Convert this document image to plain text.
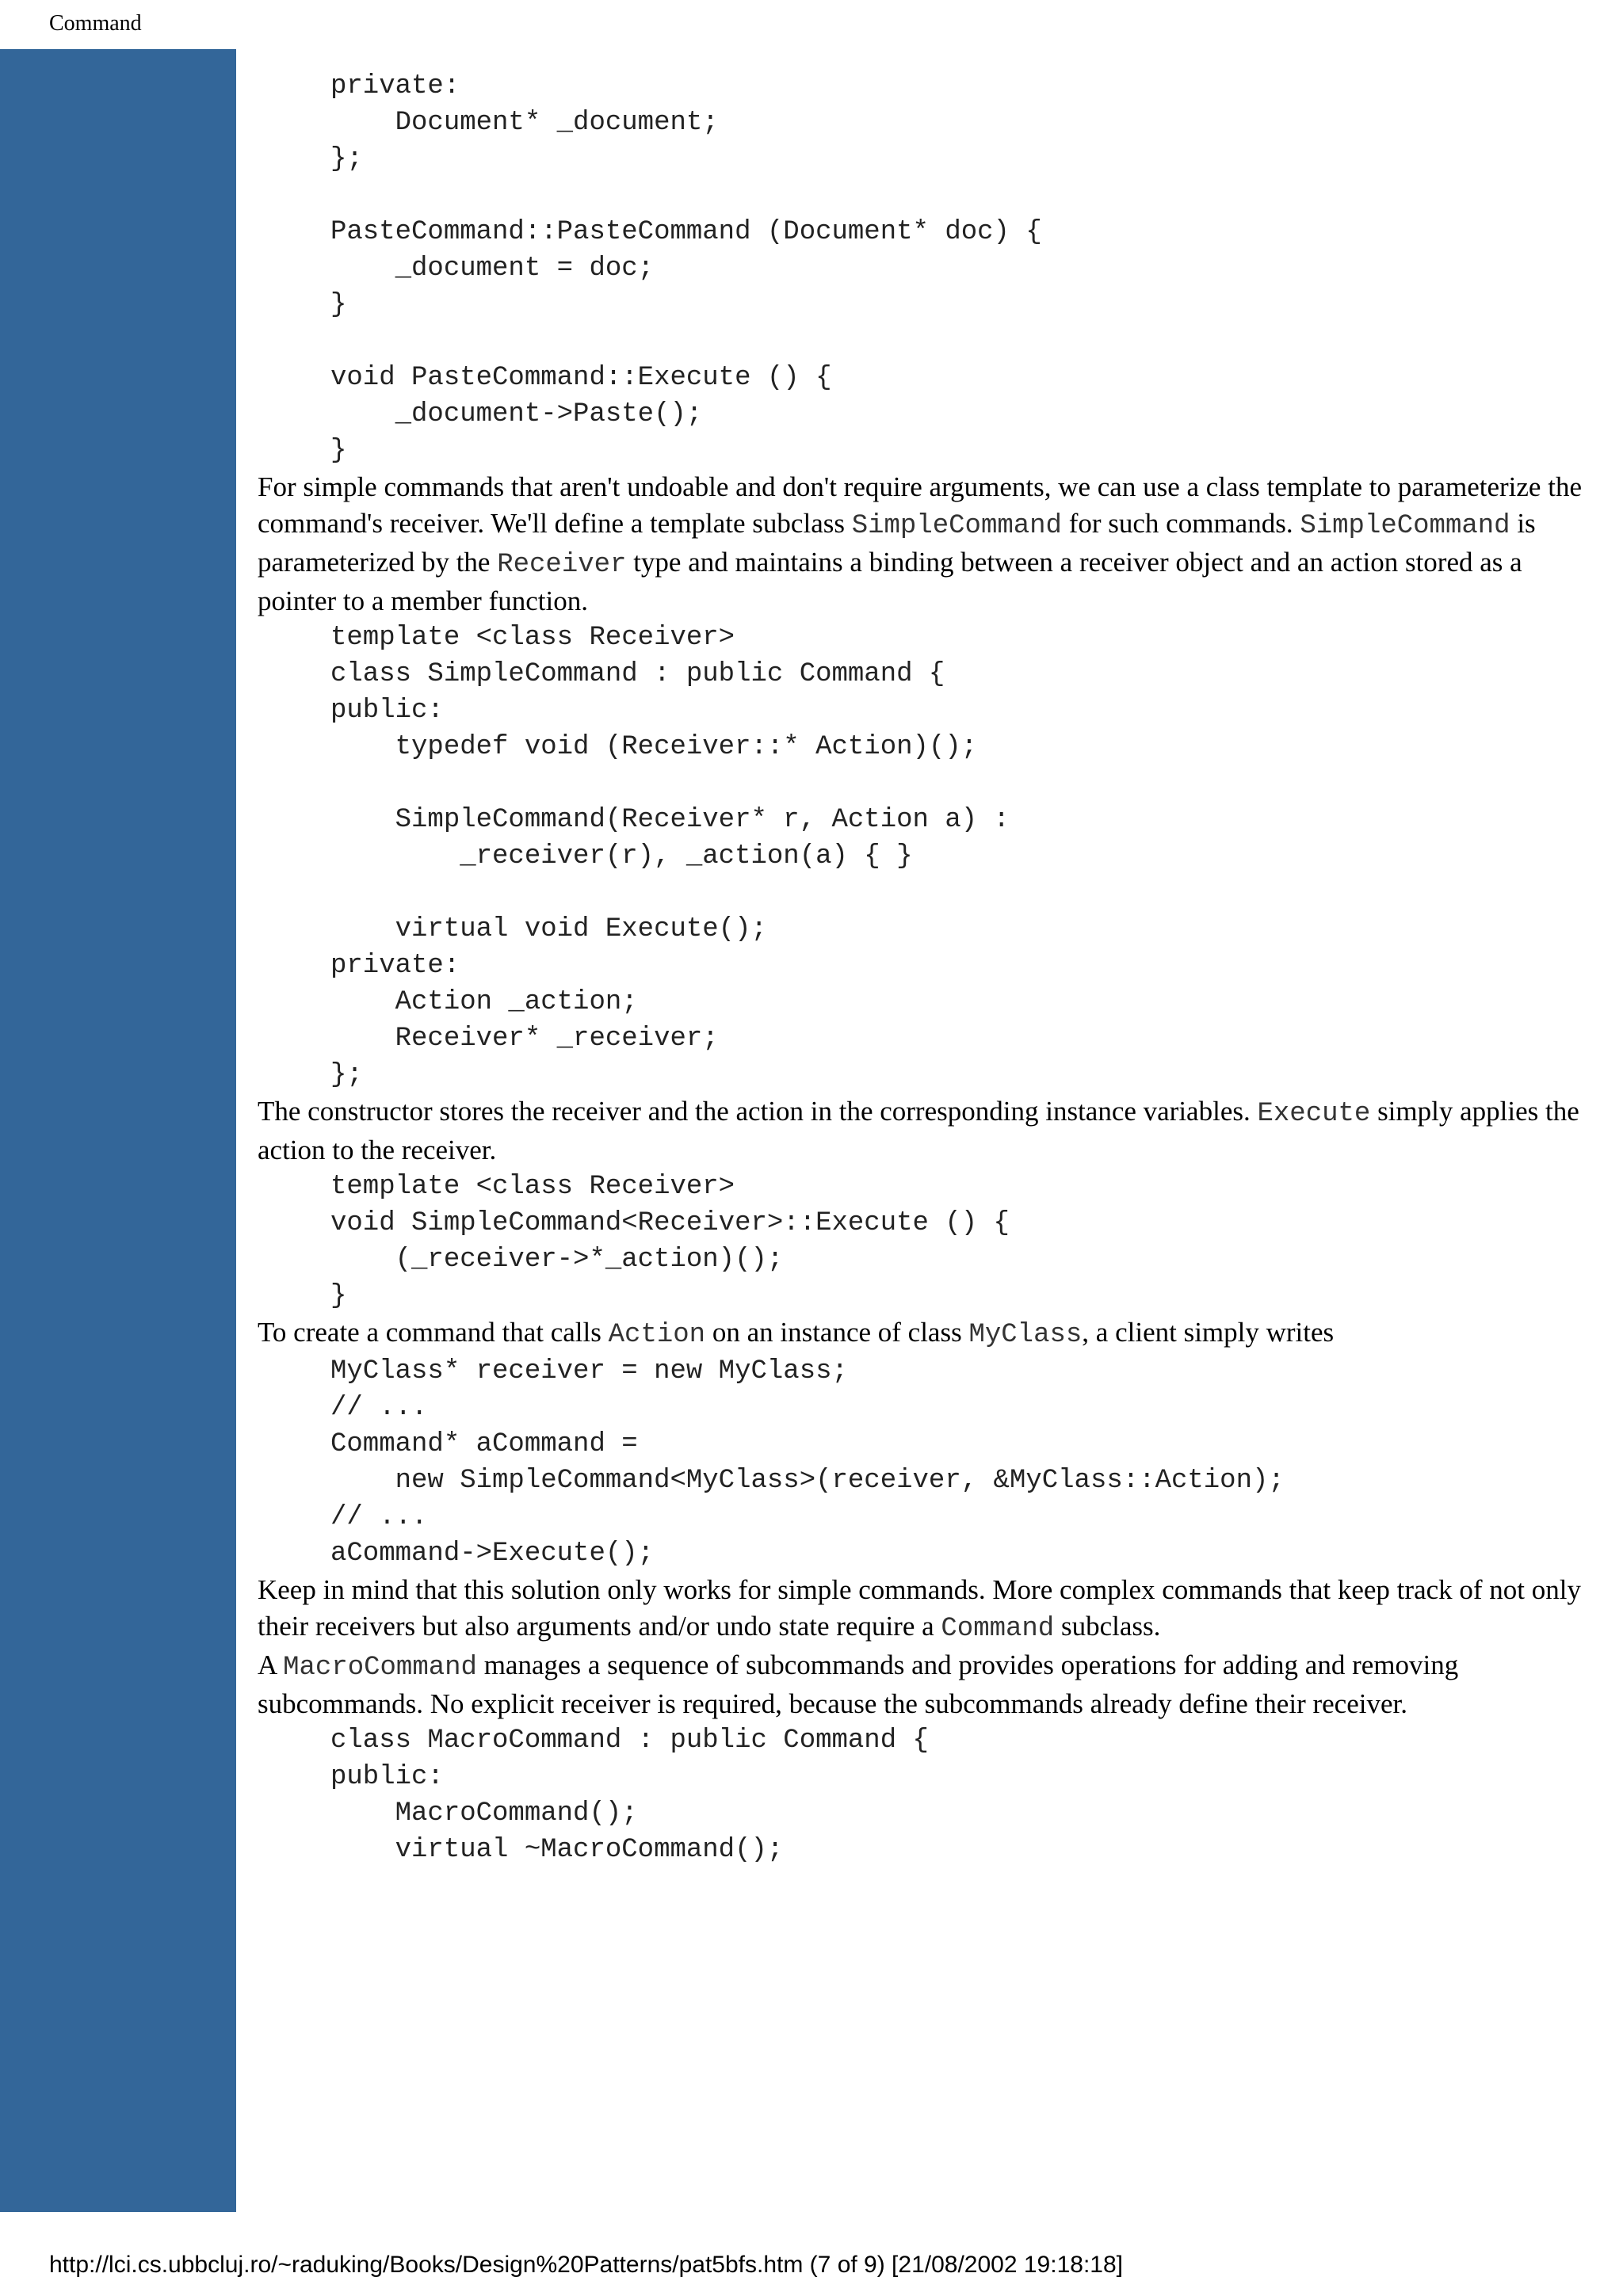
Command
private:
Document* _document;
};

PasteCommand::PasteCommand (Document* doc) {
_document = doc;
}

void PasteCommand::Execute () {
_document->Paste();
}

For simple commands that aren't undoable and don't require arguments, we can use a class template to parameterize the command's receiver. We'll define a template subclass SimpleCommand for such commands. SimpleCommand is parameterized by the Receiver type and maintains a binding between a receiver object and an action stored as a pointer to a member function.

template <class Receiver>
class SimpleCommand : public Command {
public:
typedef void (Receiver::* Action)();

SimpleCommand(Receiver* r, Action a) :
_receiver(r), _action(a) { }

virtual void Execute();
private:
Action _action;
Receiver* _receiver;
};

The constructor stores the receiver and the action in the corresponding instance variables. Execute simply applies the action to the receiver.

template <class Receiver>
void SimpleCommand<Receiver>::Execute () {
(_receiver->*_action)();
}

To create a command that calls Action on an instance of class MyClass, a client simply writes

MyClass* receiver = new MyClass;
// ...
Command* aCommand =
new SimpleCommand<MyClass>(receiver, &MyClass::Action);
// ...
aCommand->Execute();

Keep in mind that this solution only works for simple commands. More complex commands that keep track of not only their receivers but also arguments and/or undo state require a Command subclass.

A MacroCommand manages a sequence of subcommands and provides operations for adding and removing subcommands. No explicit receiver is required, because the subcommands already define their receiver.

class MacroCommand : public Command {
public:
MacroCommand();
virtual ~MacroCommand();
http://lci.cs.ubbcluj.ro/~raduking/Books/Design%20Patterns/pat5bfs.htm (7 of 9) [21/08/2002 19:18:18]
